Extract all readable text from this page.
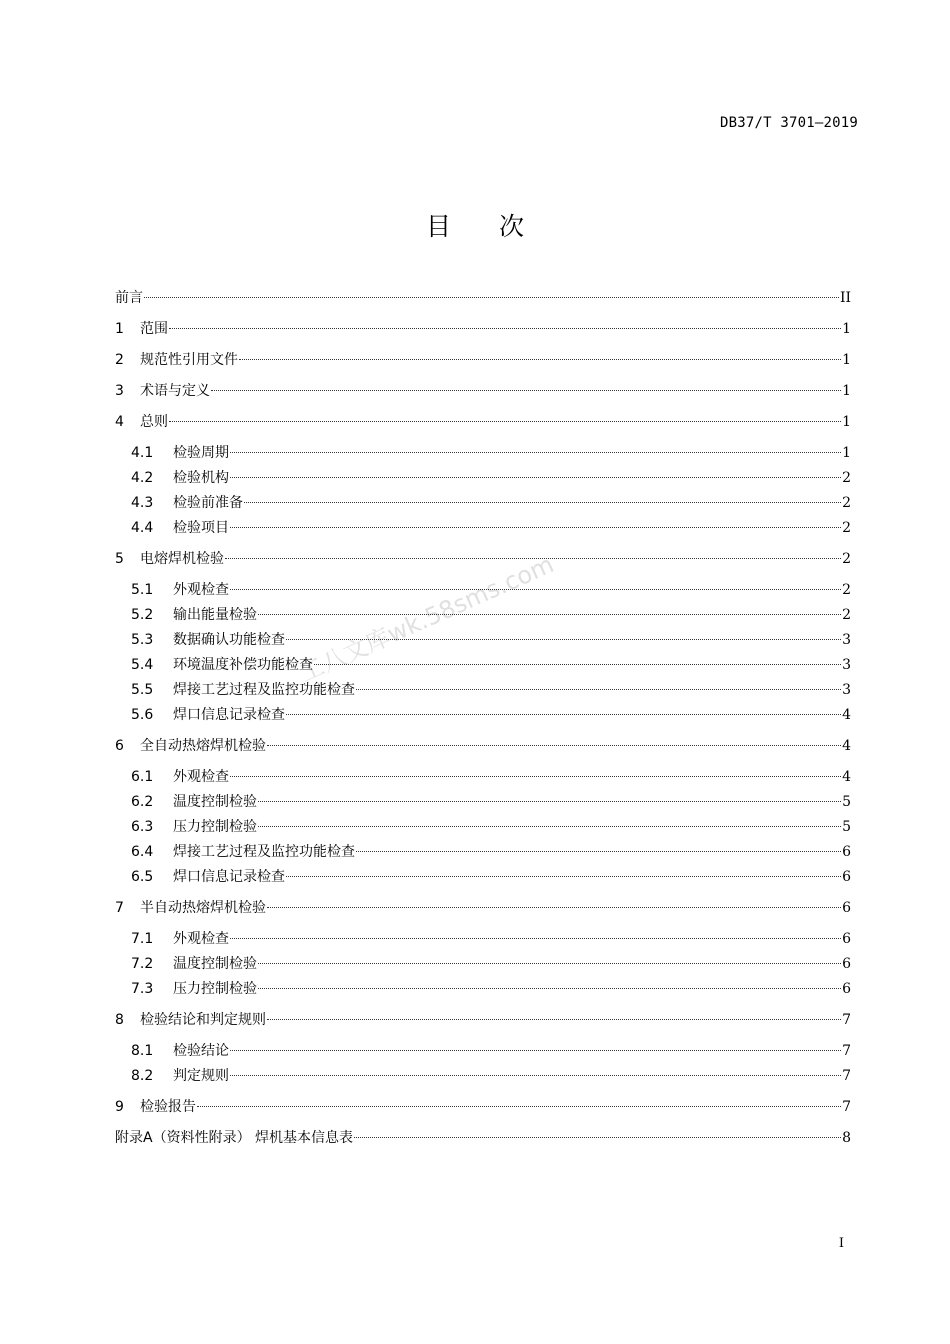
DB37/T 3701—2019
目次
工八文库wk.58sms.com
前言	II
1	范围	1
2	规范性引用文件	1
3	术语与定义	1
4	总则	1
4.1	检验周期	1
4.2	检验机构	2
4.3	检验前准备	2
4.4	检验项目	2
5	电熔焊机检验	2
5.1	外观检查	2
5.2	输出能量检验	2
5.3	数据确认功能检查	3
5.4	环境温度补偿功能检查	3
5.5	焊接工艺过程及监控功能检查	3
5.6	焊口信息记录检查	4
6	全自动热熔焊机检验	4
6.1	外观检查	4
6.2	温度控制检验	5
6.3	压力控制检验	5
6.4	焊接工艺过程及监控功能检查	6
6.5	焊口信息记录检查	6
7	半自动热熔焊机检验	6
7.1	外观检查	6
7.2	温度控制检验	6
7.3	压力控制检验	6
8	检验结论和判定规则	7
8.1	检验结论	7
8.2	判定规则	7
9	检验报告	7
附录A（资料性附录） 焊机基本信息表	8
I
